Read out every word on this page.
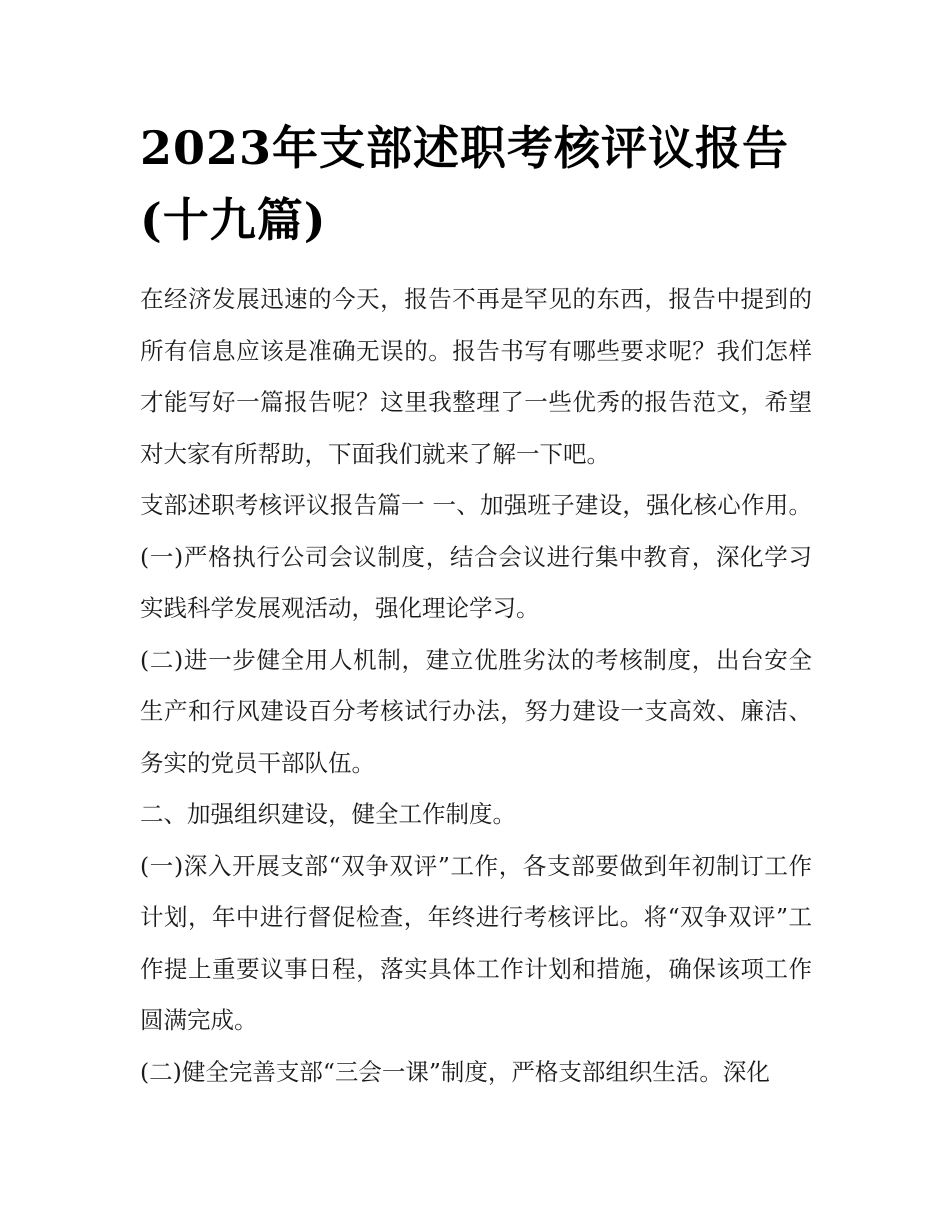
2023年支部述职考核评议报告
(十九篇)

在经济发展迅速的今天，报告不再是罕见的东西，报告中提到的所有信息应该是准确无误的。报告书写有哪些要求呢？我们怎样才能写好一篇报告呢？这里我整理了一些优秀的报告范文，希望对大家有所帮助，下面我们就来了解一下吧。

支部述职考核评议报告篇一 一、加强班子建设，强化核心作用。 (一)严格执行公司会议制度，结合会议进行集中教育，深化学习实践科学发展观活动，强化理论学习。

(二)进一步健全用人机制，建立优胜劣汰的考核制度，出台安全生产和行风建设百分考核试行办法，努力建设一支高效、廉洁、务实的党员干部队伍。

二、加强组织建设，健全工作制度。

(一)深入开展支部“双争双评”工作，各支部要做到年初制订工作计划，年中进行督促检查，年终进行考核评比。将“双争双评”工作提上重要议事日程，落实具体工作计划和措施，确保该项工作圆满完成。

(二)健全完善支部“三会一课”制度，严格支部组织生活。深化
